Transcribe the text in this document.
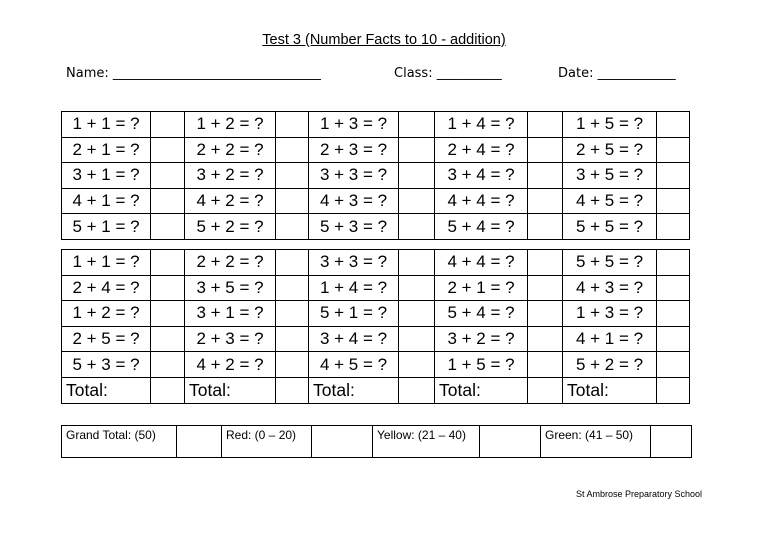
Test 3 (Number Facts to 10 - addition)
Name: ________________________________	Class: __________	Date: ____________
1 + 1 = ?		1 + 2 = ?		1 + 3 = ?		1 + 4 = ?		1 + 5 = ?	
2 + 1 = ?		2 + 2 = ?		2 + 3 = ?		2 + 4 = ?		2 + 5 = ?	
3 + 1 = ?		3 + 2 = ?		3 + 3 = ?		3 + 4 = ?		3 + 5 = ?	
4 + 1 = ?		4 + 2 = ?		4 + 3 = ?		4 + 4 = ?		4 + 5 = ?	
5 + 1 = ?		5 + 2 = ?		5 + 3 = ?		5 + 4 = ?		5 + 5 = ?	
1 + 1 = ?		2 + 2 = ?		3 + 3 = ?		4 + 4 = ?		5 + 5 = ?	
2 + 4 = ?		3 + 5 = ?		1 + 4 = ?		2 + 1 = ?		4 + 3 = ?	
1 + 2 = ?		3 + 1 = ?		5 + 1 = ?		5 + 4 = ?		1 + 3 = ?	
2 + 5 = ?		2 + 3 = ?		3 + 4 = ?		3 + 2 = ?		4 + 1 = ?	
5 + 3 = ?		4 + 2 = ?		4 + 5 = ?		1 + 5 = ?		5 + 2 = ?	
Total:		Total:		Total:		Total:		Total:	
Grand Total: (50)		Red: (0 – 20)		Yellow: (21 – 40)		Green: (41 – 50)	
St Ambrose Preparatory School
